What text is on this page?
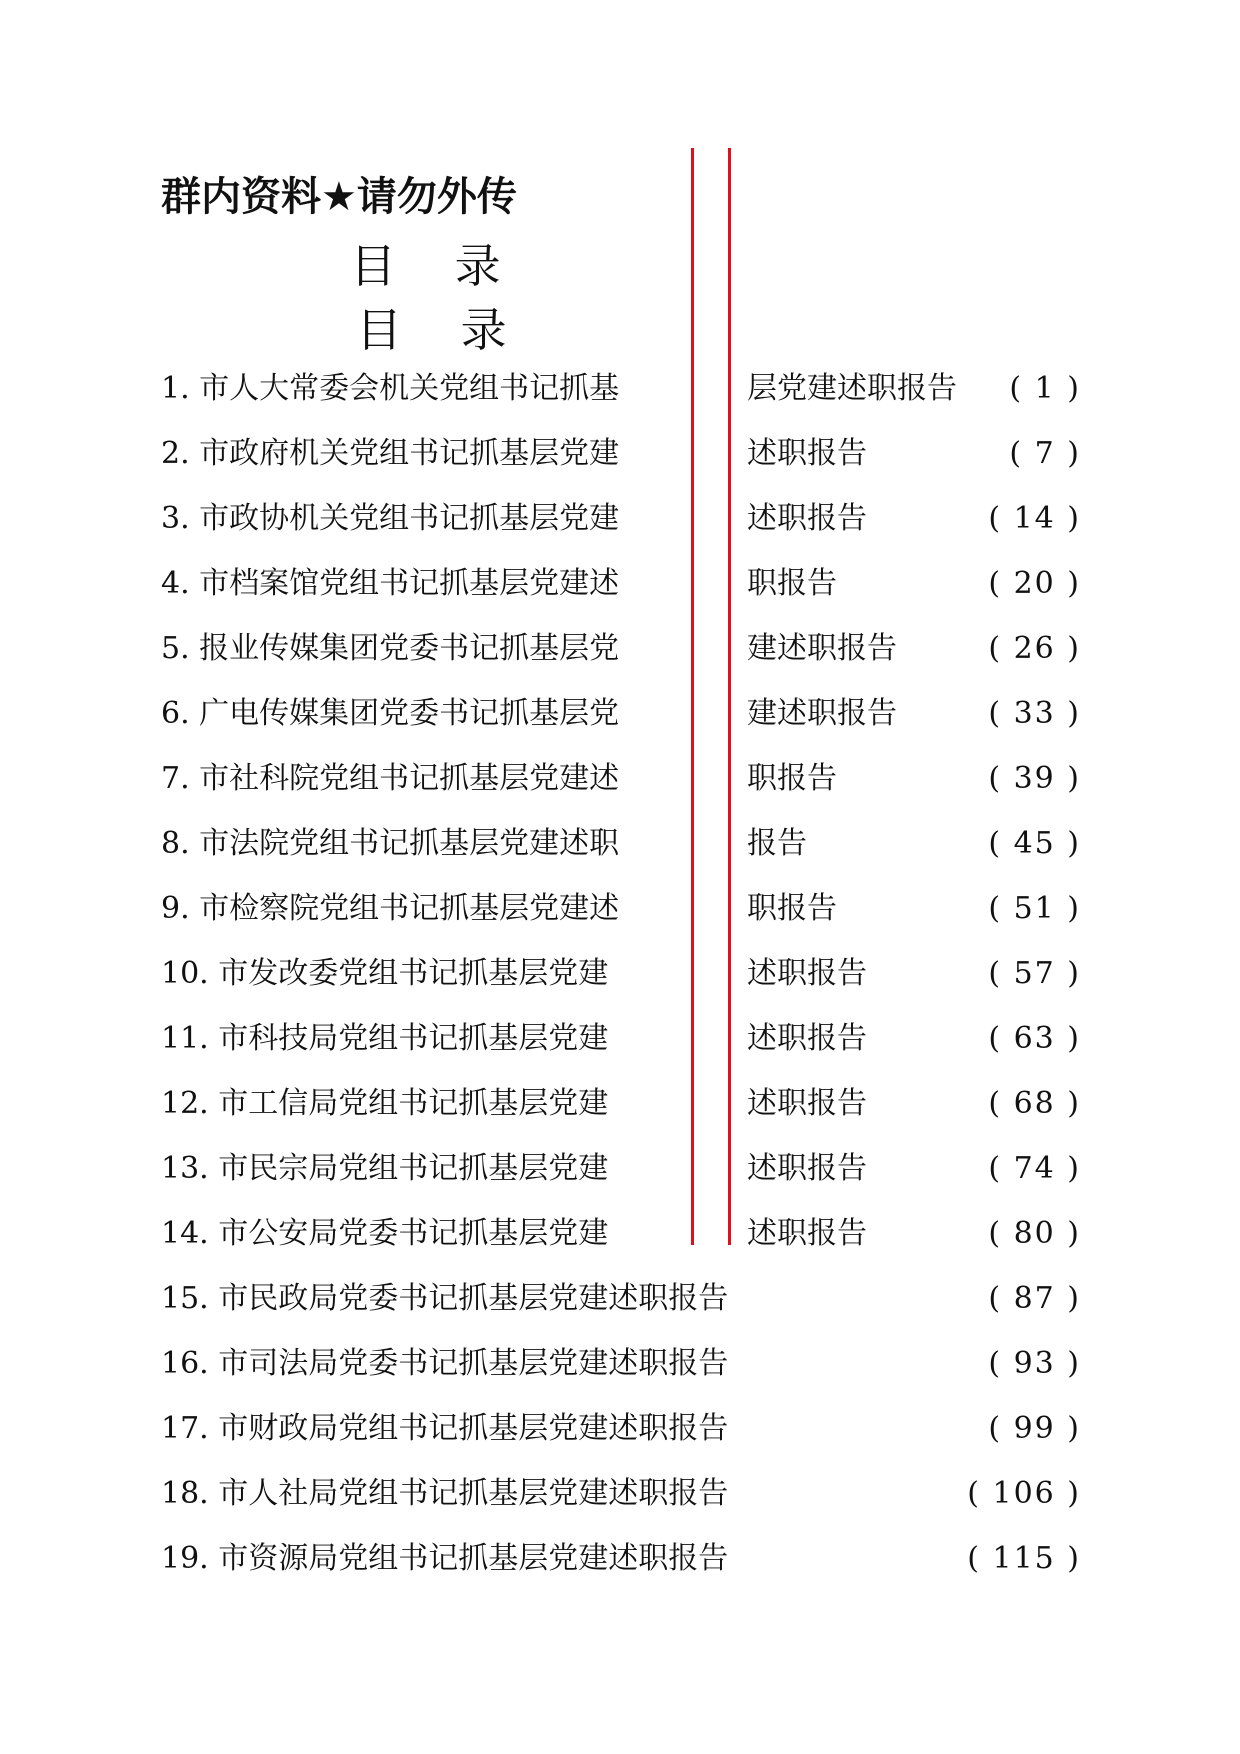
群内资料★请勿外传
目 录
目 录
1. 市人大常委会机关党组书记抓基	层党建述职报告 ( 1 )
2. 市政府机关党组书记抓基层党建	述职报告	( 7 )
3. 市政协机关党组书记抓基层党建	述职报告	( 14 )
4. 市档案馆党组书记抓基层党建述	职报告	( 20 )
5. 报业传媒集团党委书记抓基层党	建述职报告	( 26 )
6. 广电传媒集团党委书记抓基层党	建述职报告	( 33 )
7. 市社科院党组书记抓基层党建述	职报告	( 39 )
8. 市法院党组书记抓基层党建述职	报告	( 45 )
9. 市检察院党组书记抓基层党建述	职报告	( 51 )
10. 市发改委党组书记抓基层党建	述职报告	( 57 )
11. 市科技局党组书记抓基层党建	述职报告	( 63 )
12. 市工信局党组书记抓基层党建	述职报告	( 68 )
13. 市民宗局党组书记抓基层党建	述职报告	( 74 )
14. 市公安局党委书记抓基层党建	述职报告	( 80 )
15. 市民政局党委书记抓基层党建述职报告	( 87 )
16. 市司法局党委书记抓基层党建述职报告	( 93 )
17. 市财政局党组书记抓基层党建述职报告	( 99 )
18. 市人社局党组书记抓基层党建述职报告	( 106 )
19. 市资源局党组书记抓基层党建述职报告	( 115 )
